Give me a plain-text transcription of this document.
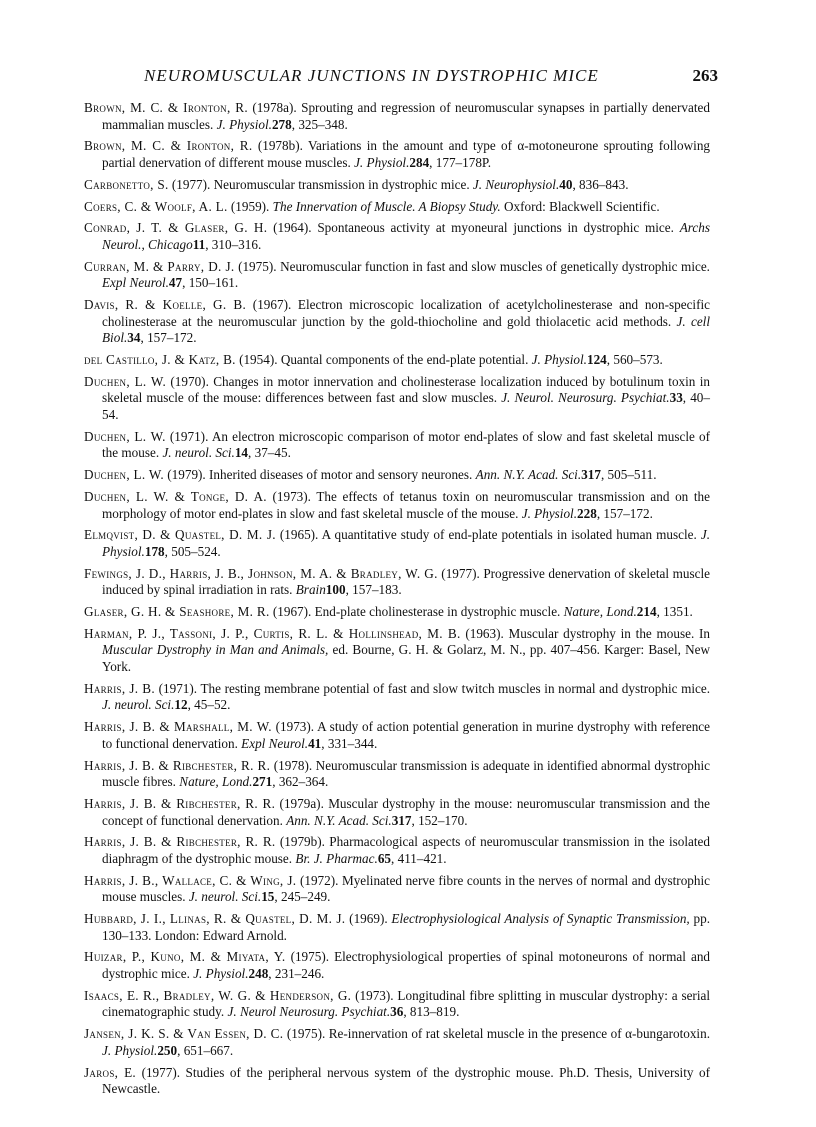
NEUROMUSCULAR JUNCTIONS IN DYSTROPHIC MICE	263
Brown, M. C. & Ironton, R. (1978a). Sprouting and regression of neuromuscular synapses in partially denervated mammalian muscles. J. Physiol.278, 325–348.
Brown, M. C. & Ironton, R. (1978b). Variations in the amount and type of α-motoneurone sprouting following partial denervation of different mouse muscles. J. Physiol.284, 177–178P.
Carbonetto, S. (1977). Neuromuscular transmission in dystrophic mice. J. Neurophysiol.40, 836–843.
Coers, C. & Woolf, A. L. (1959). The Innervation of Muscle. A Biopsy Study. Oxford: Blackwell Scientific.
Conrad, J. T. & Glaser, G. H. (1964). Spontaneous activity at myoneural junctions in dystrophic mice. Archs Neurol., Chicago11, 310–316.
Curran, M. & Parry, D. J. (1975). Neuromuscular function in fast and slow muscles of genetically dystrophic mice. Expl Neurol.47, 150–161.
Davis, R. & Koelle, G. B. (1967). Electron microscopic localization of acetylcholinesterase and non-specific cholinesterase at the neuromuscular junction by the gold-thiocholine and gold thiolacetic acid methods. J. cell Biol.34, 157–172.
del Castillo, J. & Katz, B. (1954). Quantal components of the end-plate potential. J. Physiol.124, 560–573.
Duchen, L. W. (1970). Changes in motor innervation and cholinesterase localization induced by botulinum toxin in skeletal muscle of the mouse: differences between fast and slow muscles. J. Neurol. Neurosurg. Psychiat.33, 40–54.
Duchen, L. W. (1971). An electron microscopic comparison of motor end-plates of slow and fast skeletal muscle of the mouse. J. neurol. Sci.14, 37–45.
Duchen, L. W. (1979). Inherited diseases of motor and sensory neurones. Ann. N.Y. Acad. Sci.317, 505–511.
Duchen, L. W. & Tonge, D. A. (1973). The effects of tetanus toxin on neuromuscular transmission and on the morphology of motor end-plates in slow and fast skeletal muscle of the mouse. J. Physiol.228, 157–172.
Elmqvist, D. & Quastel, D. M. J. (1965). A quantitative study of end-plate potentials in isolated human muscle. J. Physiol.178, 505–524.
Fewings, J. D., Harris, J. B., Johnson, M. A. & Bradley, W. G. (1977). Progressive denervation of skeletal muscle induced by spinal irradiation in rats. Brain100, 157–183.
Glaser, G. H. & Seashore, M. R. (1967). End-plate cholinesterase in dystrophic muscle. Nature, Lond.214, 1351.
Harman, P. J., Tassoni, J. P., Curtis, R. L. & Hollinshead, M. B. (1963). Muscular dystrophy in the mouse. In Muscular Dystrophy in Man and Animals, ed. Bourne, G. H. & Golarz, M. N., pp. 407–456. Karger: Basel, New York.
Harris, J. B. (1971). The resting membrane potential of fast and slow twitch muscles in normal and dystrophic mice. J. neurol. Sci.12, 45–52.
Harris, J. B. & Marshall, M. W. (1973). A study of action potential generation in murine dystrophy with reference to functional denervation. Expl Neurol.41, 331–344.
Harris, J. B. & Ribchester, R. R. (1978). Neuromuscular transmission is adequate in identified abnormal dystrophic muscle fibres. Nature, Lond.271, 362–364.
Harris, J. B. & Ribchester, R. R. (1979a). Muscular dystrophy in the mouse: neuromuscular transmission and the concept of functional denervation. Ann. N.Y. Acad. Sci.317, 152–170.
Harris, J. B. & Ribchester, R. R. (1979b). Pharmacological aspects of neuromuscular transmission in the isolated diaphragm of the dystrophic mouse. Br. J. Pharmac.65, 411–421.
Harris, J. B., Wallace, C. & Wing, J. (1972). Myelinated nerve fibre counts in the nerves of normal and dystrophic mouse muscles. J. neurol. Sci.15, 245–249.
Hubbard, J. I., Llinas, R. & Quastel, D. M. J. (1969). Electrophysiological Analysis of Synaptic Transmission, pp. 130–133. London: Edward Arnold.
Huizar, P., Kuno, M. & Miyata, Y. (1975). Electrophysiological properties of spinal motoneurons of normal and dystrophic mice. J. Physiol.248, 231–246.
Isaacs, E. R., Bradley, W. G. & Henderson, G. (1973). Longitudinal fibre splitting in muscular dystrophy: a serial cinematographic study. J. Neurol Neurosurg. Psychiat.36, 813–819.
Jansen, J. K. S. & Van Essen, D. C. (1975). Re-innervation of rat skeletal muscle in the presence of α-bungarotoxin. J. Physiol.250, 651–667.
Jaros, E. (1977). Studies of the peripheral nervous system of the dystrophic mouse. Ph.D. Thesis, University of Newcastle.
